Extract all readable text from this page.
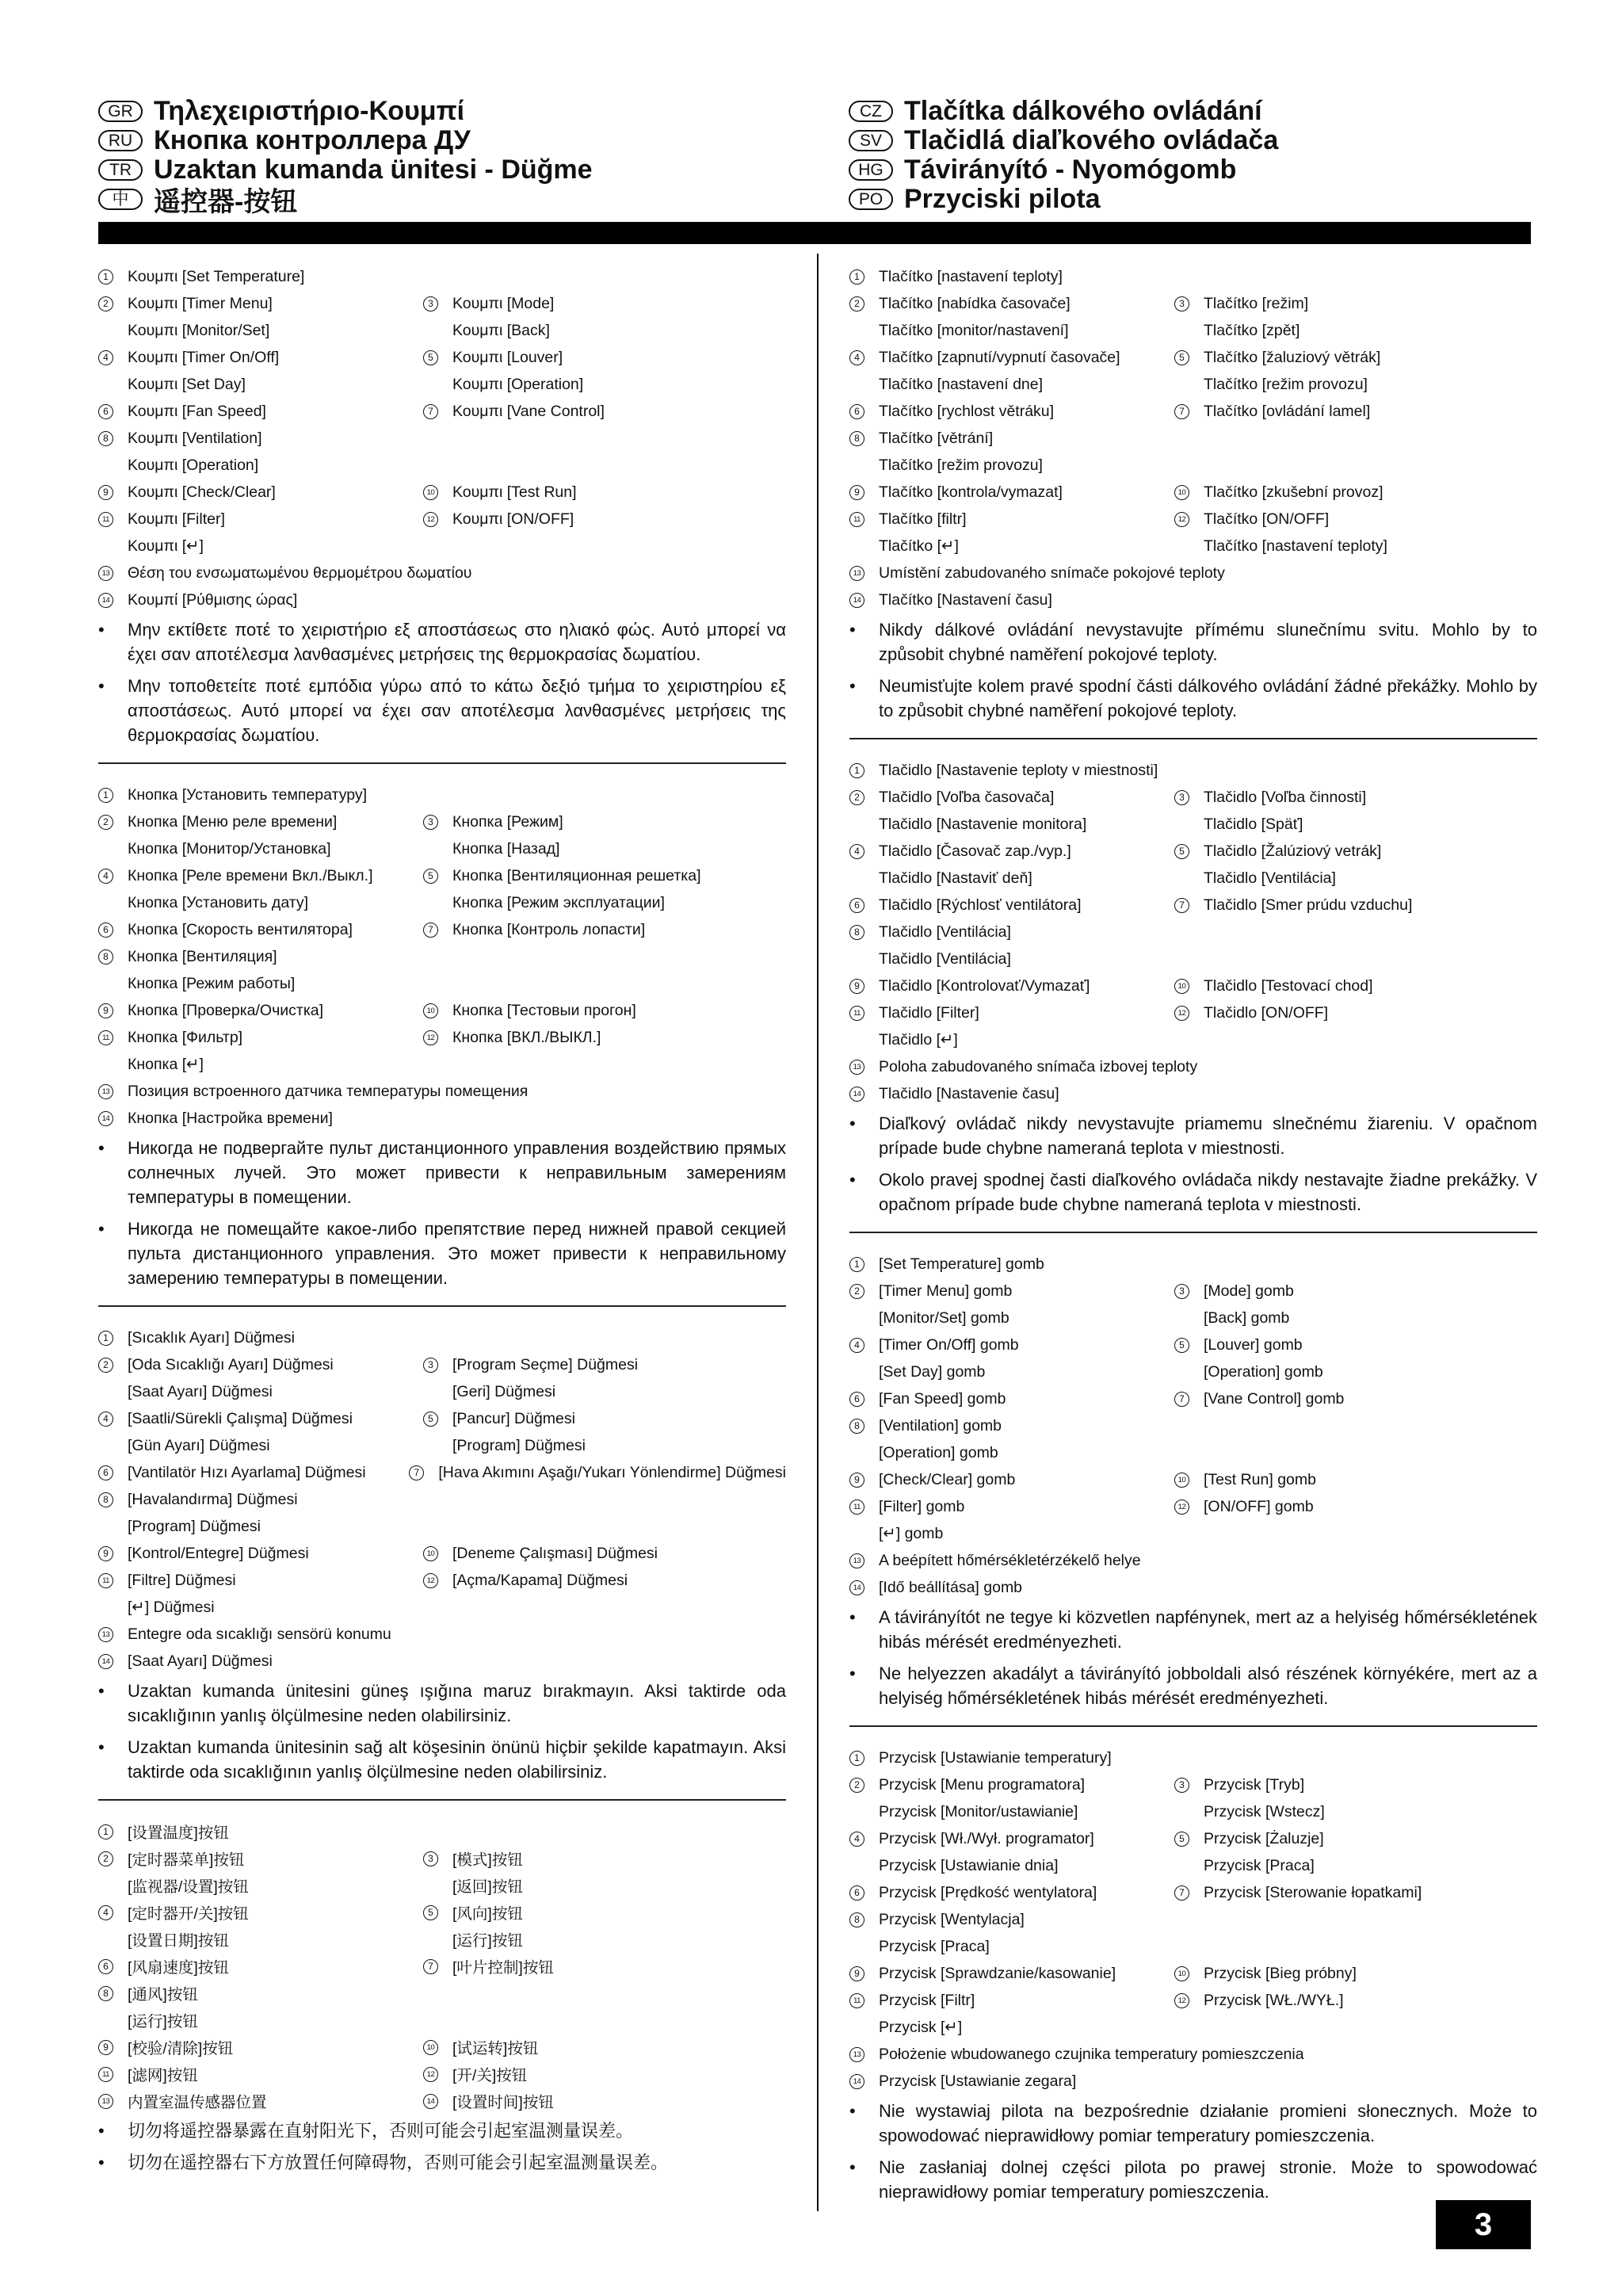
GR Τηλεχειριστήριο-Κουμπί
RU Кнопка контроллера ДУ
TR Uzaktan kumanda ünitesi - Düğme
中 遥控器-按钮
CZ Tlačítka dálkového ovládání
SV Tlačidlá diaľkového ovládača
HG Távirányító - Nyomógomb
PO Przyciski pilota
1	Κουμπι [Set Temperature]
2	Κουμπι [Timer Menu]	3	Κουμπι [Mode]
Κουμπι [Monitor/Set]	Κουμπι [Back]
4	Κουμπι [Timer On/Off]	5	Κουμπι [Louver]
Κουμπι [Set Day]	Κουμπι [Operation]
6	Κουμπι [Fan Speed]	7	Κουμπι [Vane Control]
8	Κουμπι [Ventilation]
Κουμπι [Operation]
9	Κουμπι [Check/Clear]	10 Κουμπι [Test Run]
11 Κουμπι [Filter]	12 Κουμπι [ON/OFF]
Κουμπι [↵]
13 Θέση του ενσωματωμένου θερμομέτρου δωματίου
14 Κουμπί [Ρύθμισης ώρας]
•	Μην εκτίθετε ποτέ το χειριστήριο εξ αποστάσεως στο ηλιακό φώς. Αυτό μπορεί να έχει σαν αποτέλεσμα λανθασμένες μετρήσεις της θερμοκρασίας δωματίου.
•	Μην τοποθετείτε ποτέ εμπόδια γύρω από το κάτω δεξιό τμήμα το χειριστηρίου εξ αποστάσεως. Αυτό μπορεί να έχει σαν αποτέλεσμα λανθασμένες μετρήσεις της θερμοκρασίας δωματίου.
1	Кнопка [Установить температуру]
2	Кнопка [Меню реле времени]	3	Кнопка [Режим]
Кнопка [Монитор/Установка]	Кнопка [Назад]
4	Кнопка [Реле времени Вкл./Выкл.]	5	Кнопка [Вентиляционная решетка]
Кнопка [Установить дату]	Кнопка [Режим эксплуатации]
6	Кнопка [Скорость вентилятора]	7	Кнопка [Контроль лопасти]
8	Кнопка [Вентиляция]
Кнопка [Режим работы]
9	Кнопка [Проверка/Очистка]	10 Кнопка [Тестовыи прогон]
11 Кнопка [Фильтр]	12 Кнопка [ВКЛ./ВЫКЛ.]
Кнопка [↵]
13 Позиция встроенного датчика температуры помещения
14 Кнопка [Настройка времени]
•	Никогда не подвергайте пульт дистанционного управления воздействию прямых солнечных лучей. Это может привести к неправильным замерениям температуры в помещении.
•	Никогда не помещайте какое-либо препятствие перед нижней правой секцией пульта дистанционного управления. Это может привести к неправильному замерению температуры в помещении.
1	[Sıcaklık Ayarı] Düğmesi
2	[Oda Sıcaklığı Ayarı] Düğmesi	3	[Program Seçme] Düğmesi
[Saat Ayarı] Düğmesi	[Geri] Düğmesi
4	[Saatli/Sürekli Çalışma] Düğmesi	5	[Pancur] Düğmesi
[Gün Ayarı] Düğmesi	[Program] Düğmesi
6	[Vantilatör Hızı Ayarlama] Düğmesi	7	[Hava Akımını Aşağı/Yukarı Yönlendirme] Düğmesi
8	[Havalandırma] Düğmesi
[Program] Düğmesi
9	[Kontrol/Entegre] Düğmesi	10 [Deneme Çalışması] Düğmesi
11 [Filtre] Düğmesi	12 [Açma/Kapama] Düğmesi
[↵] Düğmesi
13 Entegre oda sıcaklığı sensörü konumu
14 [Saat Ayarı] Düğmesi
•	Uzaktan kumanda ünitesini güneş ışığına maruz bırakmayın. Aksi taktirde oda sıcaklığının yanlış ölçülmesine neden olabilirsiniz.
•	Uzaktan kumanda ünitesinin sağ alt köşesinin önünü hiçbir şekilde kapatmayın. Aksi taktirde oda sıcaklığının yanlış ölçülmesine neden olabilirsiniz.
1	[设置温度]按钮
2	[定时器菜单]按钮	3	[模式]按钮
[监视器/设置]按钮	[返回]按钮
4	[定时器开/关]按钮	5	[风向]按钮
[设置日期]按钮	[运行]按钮
6	[风扇速度]按钮	7	[叶片控制]按钮
8	[通风]按钮
[运行]按钮
9	[校验/清除]按钮	10 [试运转]按钮
11 [滤网]按钮	12 [开/关]按钮
13 内置室温传感器位置	14 [设置时间]按钮
•	切勿将遥控器暴露在直射阳光下，否则可能会引起室温测量误差。
•	切勿在遥控器右下方放置任何障碍物，否则可能会引起室温测量误差。
1	Tlačítko [nastavení teploty]
2	Tlačítko [nabídka časovače]	3	Tlačítko [režim]
Tlačítko [monitor/nastavení]	Tlačítko [zpět]
4	Tlačítko [zapnutí/vypnutí časovače]	5	Tlačítko [žaluziový větrák]
Tlačítko [nastavení dne]	Tlačítko [režim provozu]
6	Tlačítko [rychlost větráku]	7	Tlačítko [ovládání lamel]
8	Tlačítko [větrání]
Tlačítko [režim provozu]
9	Tlačítko [kontrola/vymazat]	10 Tlačítko [zkušební provoz]
11 Tlačítko [filtr]	12 Tlačítko [ON/OFF]
Tlačítko [↵]	Tlačítko [nastavení teploty]
13 Umístění zabudovaného snímače pokojové teploty
14 Tlačítko [Nastavení času]
•	Nikdy dálkové ovládání nevystavujte přímému slunečnímu svitu. Mohlo by to způsobit chybné naměření pokojové teploty.
•	Neumisťujte kolem pravé spodní části dálkového ovládání žádné překážky. Mohlo by to způsobit chybné naměření pokojové teploty.
1	Tlačidlo [Nastavenie teploty v miestnosti]
2	Tlačidlo [Voľba časovača]	3	Tlačidlo [Voľba činnosti]
Tlačidlo [Nastavenie monitora]	Tlačidlo [Späť]
4	Tlačidlo [Časovač zap./vyp.]	5	Tlačidlo [Žalúziový vetrák]
Tlačidlo [Nastaviť deň]	Tlačidlo [Ventilácia]
6	Tlačidlo [Rýchlosť ventilátora]	7	Tlačidlo [Smer prúdu vzduchu]
8	Tlačidlo [Ventilácia]
Tlačidlo [Ventilácia]
9	Tlačidlo [Kontrolovať/Vymazať]	10 Tlačidlo [Testovací chod]
11 Tlačidlo [Filter]	12 Tlačidlo [ON/OFF]
Tlačidlo [↵]
13 Poloha zabudovaného snímača izbovej teploty
14 Tlačidlo [Nastavenie času]
•	Diaľkový ovládač nikdy nevystavujte priamemu slnečnému žiareniu. V opačnom prípade bude chybne nameraná teplota v miestnosti.
•	Okolo pravej spodnej časti diaľkového ovládača nikdy nestavajte žiadne prekážky. V opačnom prípade bude chybne nameraná teplota v miestnosti.
1	[Set Temperature] gomb
2	[Timer Menu] gomb	3	[Mode] gomb
[Monitor/Set] gomb	[Back] gomb
4	[Timer On/Off] gomb	5	[Louver] gomb
[Set Day] gomb	[Operation] gomb
6	[Fan Speed] gomb	7	[Vane Control] gomb
8	[Ventilation] gomb
[Operation] gomb
9	[Check/Clear] gomb	10 [Test Run] gomb
11 [Filter] gomb	12 [ON/OFF] gomb
[↵] gomb
13 A beépített hőmérsékletérzékelő helye
14 [Idő beállítása] gomb
•	A távirányítót ne tegye ki közvetlen napfénynek, mert az a helyiség hőmérsékletének hibás mérését eredményezheti.
•	Ne helyezzen akadályt a távirányító jobboldali alsó részének környékére, mert az a helyiség hőmérsékletének hibás mérését eredményezheti.
1	Przycisk [Ustawianie temperatury]
2	Przycisk [Menu programatora]	3	Przycisk [Tryb]
Przycisk [Monitor/ustawianie]	Przycisk [Wstecz]
4	Przycisk [Wł./Wył. programator]	5	Przycisk [Żaluzje]
Przycisk [Ustawianie dnia]	Przycisk [Praca]
6	Przycisk [Prędkość wentylatora]	7	Przycisk [Sterowanie łopatkami]
8	Przycisk [Wentylacja]
Przycisk [Praca]
9	Przycisk [Sprawdzanie/kasowanie]	10 Przycisk [Bieg próbny]
11 Przycisk [Filtr]	12 Przycisk [WŁ./WYŁ.]
Przycisk [↵]
13 Położenie wbudowanego czujnika temperatury pomieszczenia
14 Przycisk [Ustawianie zegara]
•	Nie wystawiaj pilota na bezpośrednie działanie promieni słonecznych. Może to spowodować nieprawidłowy pomiar temperatury pomieszczenia.
•	Nie zasłaniaj dolnej części pilota po prawej stronie. Może to spowodować nieprawidłowy pomiar temperatury pomieszczenia.
3
